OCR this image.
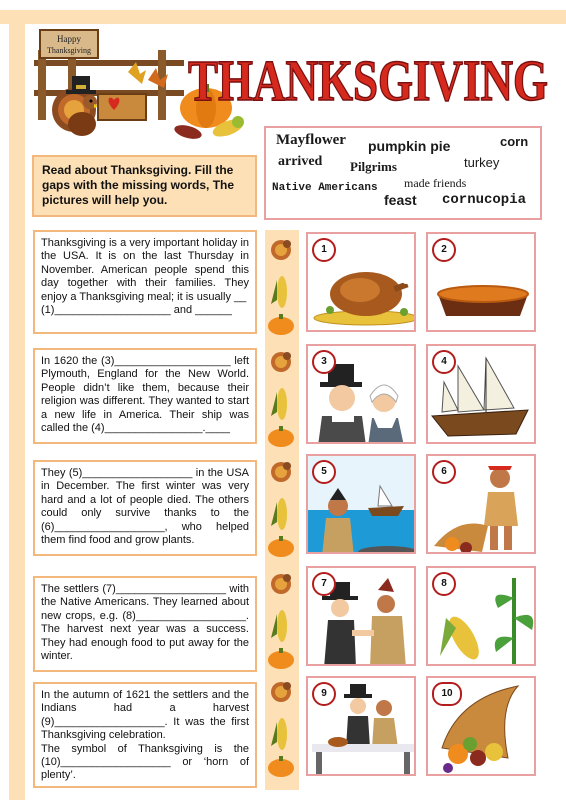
Happy
Thanksgiving THANKSGIVING
Mayflower pumpkin pie	corn
arrived Pilgrims	turkey
Native Americans made friends
feast cornucopia
Read about Thanksgiving. Fill the gaps with the missing words, The pictures will help you.
Thanksgiving is a very important holiday in the USA. It is on the last Thursday in November. American people spend this day together with their families. They enjoy a Thanksgiving meal; it is usually __
(1)___________________ and ______
In 1620 the (3)___________________ left Plymouth, England for the New World. People didn’t like them, because their religion was different. They wanted to start a new life in America. Their ship was called the (4)________________.____
They (5)__________________ in the USA in December. The first winter was very hard and a lot of people died. The others could only survive thanks to the (6)__________________, who helped them find food and grow plants.
The settlers (7)__________________ with the Native Americans. They learned about new crops, e.g. (8)__________________. The harvest next year was a success. They had enough food to put away for the winter.
In the autumn of 1621 the settlers and the Indians had a harvest (9)__________________. It was the first Thanksgiving celebration.
The symbol of Thanksgiving is the (10)__________________ or ‘horn of plenty’.
1	2
3	4
5	6
7	8
9	10
